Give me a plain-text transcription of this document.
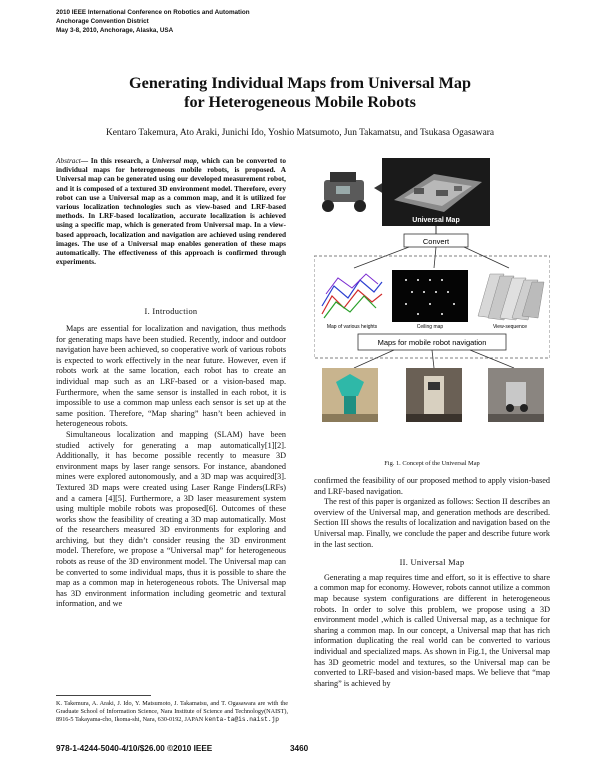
2010 IEEE International Conference on Robotics and Automation
Anchorage Convention District
May 3-8, 2010, Anchorage, Alaska, USA
Generating Individual Maps from Universal Map
for Heterogeneous Mobile Robots
Kentaro Takemura, Ato Araki, Junichi Ido, Yoshio Matsumoto, Jun Takamatsu, and Tsukasa Ogasawara
Abstract— In this research, a Universal map, which can be converted to individual maps for heterogeneous mobile robots, is proposed. A Universal map can be generated using our developed measurement robot, and it is composed of a textured 3D environment model. Therefore, every robot can use a Universal map as a common map, and it is utilized for various localization technologies such as view-based and LRF-based methods. In LRF-based localization, accurate localization is achieved using a specific map, which is generated from Universal map. In a view-based approach, localization and navigation are achieved using rendered images. The use of a Universal map enables generation of these maps automatically. The effectiveness of this approach is confirmed through experiments.
I. Introduction

Maps are essential for localization and navigation, thus methods for generating maps have been studied. Recently, indoor and outdoor navigation have been achieved, so cooperative work of various robots is expected to work effectively in the near future. However, even if robots work at the same location, each robot has to create an individual map such as an LRF-based or a vision-based map. Furthermore, when the same sensor is installed in each robot, it is impossible to use a common map unless each sensor is set up at the same position. Therefore, “Map sharing” hasn’t been achieved in heterogeneous robots.

Simultaneous localization and mapping (SLAM) have been studied actively for generating a map automatically[1][2]. Additionally, it has become possible recently to measure 3D environment maps by laser range sensors. For instance, abandoned mines were explored autonomously, and a 3D map was acquired[3]. Textured 3D maps were created using Laser Range Finders(LRFs) and a camera [4][5]. Furthermore, a 3D laser measurement system using multiple mobile robots was proposed[6]. Outcomes of these works show the feasibility of creating a 3D map automatically. Most of the researchers measured 3D environments for exploring and archiving, but they didn’t consider reusing the 3D environment model. Therefore, we propose a “Universal map” for heterogeneous robots as reuse of the 3D environment model. The Universal map can be converted to some individual maps, thus it is possible to share the map as a common map in heterogeneous robots. The Universal map has 3D environment information including geometric and textural information, and we

K. Takemura, A. Araki, J. Ido, Y. Matsumoto, J. Takamatsu, and T. Ogasawara are with the Graduate School of Information Science, Nara Institute of Science and Technology(NAIST), 8916-5 Takayama-cho, Ikoma-shi, Nara, 630-0192, JAPAN kenta-ta@is.naist.jp
Universal Map
Convert
Map of various heights	Ceiling map	View-sequence
Maps for mobile robot navigation
Fig. 1. Concept of the Universal Map

confirmed the feasibility of our proposed method to apply vision-based and LRF-based navigation.

The rest of this paper is organized as follows: Section II describes an overview of the Universal map, and generation methods are described. Section III shows the results of localization and navigation based on the Universal map. Finally, we conclude the paper and describe future work in the last section.

II. Universal Map

Generating a map requires time and effort, so it is effective to share a common map for economy. However, robots cannot utilize a common map because system configurations are different in heterogeneous robots. In order to solve this problem, we propose using a 3D environment model ,which is called Universal map, as a technique for sharing a common map. In our concept, a Universal map that has rich information duplicating the real world can be converted to various individual and specialized maps. As shown in Fig.1, the Universal map has 3D geometric model and textures, so the Universal map can be converted to LRF-based and vision-based maps. We believe that “map sharing” is achieved by

978-1-4244-5040-4/10/$26.00 ©2010 IEEE	3460
